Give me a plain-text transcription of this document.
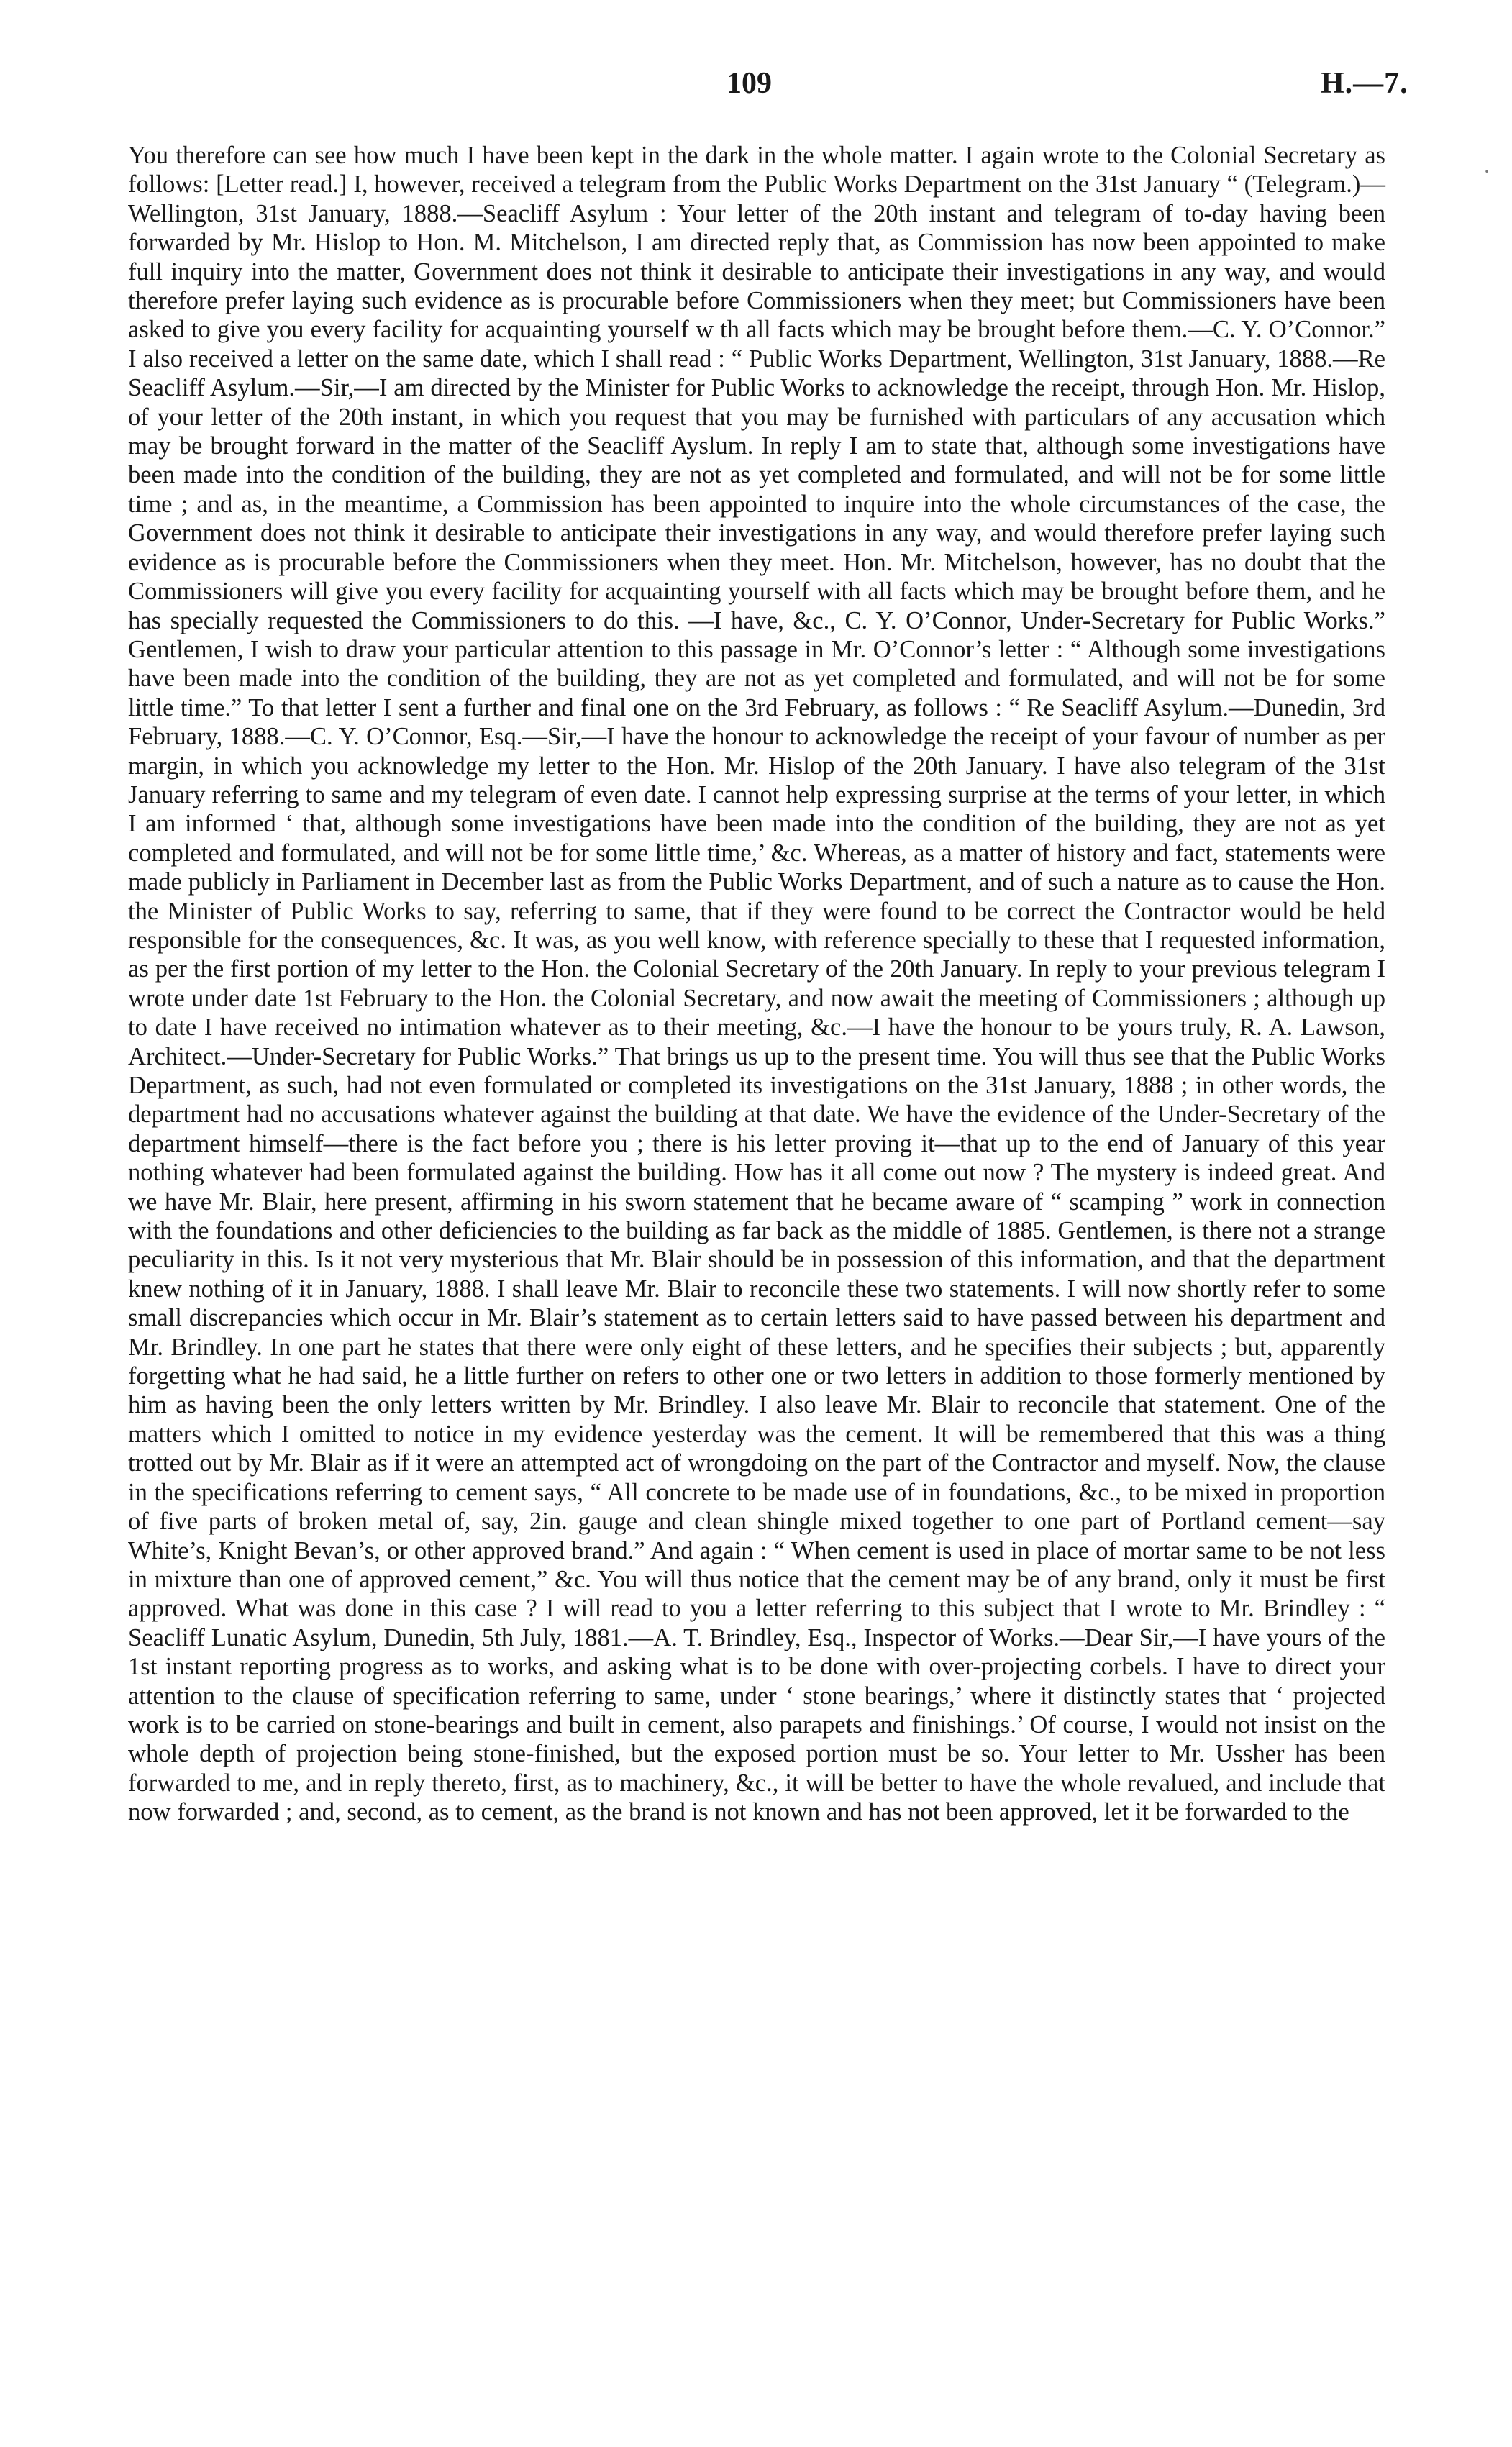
109	H.—7.
·

You therefore can see how much I have been kept in the dark in the whole matter. I again wrote to the Colonial Secretary as follows: [Letter read.] I, however, received a telegram from the Public Works Department on the 31st January “ (Telegram.)—Wellington, 31st January, 1888.—Seacliff Asylum : Your letter of the 20th instant and telegram of to-day having been forwarded by Mr. Hislop to Hon. M. Mitchelson, I am directed reply that, as Commission has now been appointed to make full inquiry into the matter, Government does not think it desirable to anticipate their investigations in any way, and would therefore prefer laying such evidence as is procurable before Commissioners when they meet; but Commissioners have been asked to give you every facility for acquainting yourself w th all facts which may be brought before them.—C. Y. O’Connor.” I also received a letter on the same date, which I shall read : “ Public Works Department, Wellington, 31st January, 1888.—Re Seacliff Asylum.—Sir,—I am directed by the Minister for Public Works to acknowledge the receipt, through Hon. Mr. Hislop, of your letter of the 20th instant, in which you request that you may be furnished with particulars of any accusation which may be brought forward in the matter of the Seacliff Ayslum. In reply I am to state that, although some investigations have been made into the condition of the building, they are not as yet completed and formulated, and will not be for some little time ; and as, in the meantime, a Commission has been appointed to inquire into the whole circumstances of the case, the Government does not think it desirable to anticipate their investigations in any way, and would therefore prefer laying such evidence as is procurable before the Commissioners when they meet. Hon. Mr. Mitchelson, however, has no doubt that the Commissioners will give you every facility for acquainting yourself with all facts which may be brought before them, and he has specially requested the Commissioners to do this. —I have, &c., C. Y. O’Connor, Under-Secretary for Public Works.” Gentlemen, I wish to draw your particular attention to this passage in Mr. O’Connor’s letter : “ Although some investigations have been made into the condition of the building, they are not as yet completed and formulated, and will not be for some little time.” To that letter I sent a further and final one on the 3rd February, as follows : “ Re Seacliff Asylum.—Dunedin, 3rd February, 1888.—C. Y. O’Connor, Esq.—Sir,—I have the honour to acknowledge the receipt of your favour of number as per margin, in which you acknowledge my letter to the Hon. Mr. Hislop of the 20th January. I have also telegram of the 31st January referring to same and my telegram of even date. I cannot help expressing surprise at the terms of your letter, in which I am informed ‘ that, although some investigations have been made into the condition of the building, they are not as yet completed and formulated, and will not be for some little time,’ &c. Whereas, as a matter of history and fact, statements were made publicly in Parliament in December last as from the Public Works Department, and of such a nature as to cause the Hon. the Minister of Public Works to say, referring to same, that if they were found to be correct the Contractor would be held responsible for the consequences, &c. It was, as you well know, with reference specially to these that I requested information, as per the first portion of my letter to the Hon. the Colonial Secretary of the 20th January. In reply to your previous telegram I wrote under date 1st February to the Hon. the Colonial Secretary, and now await the meeting of Commissioners ; although up to date I have received no intimation whatever as to their meeting, &c.—I have the honour to be yours truly, R. A. Lawson, Architect.—Under-Secretary for Public Works.” That brings us up to the present time. You will thus see that the Public Works Department, as such, had not even formulated or completed its investigations on the 31st January, 1888 ; in other words, the department had no accusations whatever against the building at that date. We have the evidence of the Under-Secretary of the department himself—there is the fact before you ; there is his letter proving it—that up to the end of January of this year nothing whatever had been formulated against the building. How has it all come out now ? The mystery is indeed great. And we have Mr. Blair, here present, affirming in his sworn statement that he became aware of “ scamping ” work in connection with the foundations and other deficiencies to the building as far back as the middle of 1885. Gentlemen, is there not a strange peculiarity in this. Is it not very mysterious that Mr. Blair should be in possession of this information, and that the department knew nothing of it in January, 1888. I shall leave Mr. Blair to reconcile these two statements. I will now shortly refer to some small discrepancies which occur in Mr. Blair’s statement as to certain letters said to have passed between his department and Mr. Brindley. In one part he states that there were only eight of these letters, and he specifies their subjects ; but, apparently forgetting what he had said, he a little further on refers to other one or two letters in addition to those formerly mentioned by him as having been the only letters written by Mr. Brindley. I also leave Mr. Blair to reconcile that statement. One of the matters which I omitted to notice in my evidence yesterday was the cement. It will be remembered that this was a thing trotted out by Mr. Blair as if it were an attempted act of wrongdoing on the part of the Contractor and myself. Now, the clause in the specifications referring to cement says, “ All concrete to be made use of in foundations, &c., to be mixed in proportion of five parts of broken metal of, say, 2in. gauge and clean shingle mixed together to one part of Portland cement—say White’s, Knight Bevan’s, or other approved brand.” And again : “ When cement is used in place of mortar same to be not less in mixture than one of approved cement,” &c. You will thus notice that the cement may be of any brand, only it must be first approved. What was done in this case ? I will read to you a letter referring to this subject that I wrote to Mr. Brindley : “ Seacliff Lunatic Asylum, Dunedin, 5th July, 1881.—A. T. Brindley, Esq., Inspector of Works.—Dear Sir,—I have yours of the 1st instant reporting progress as to works, and asking what is to be done with over-projecting corbels. I have to direct your attention to the clause of specification referring to same, under ‘ stone bearings,’ where it distinctly states that ‘ projected work is to be carried on stone-bearings and built in cement, also parapets and finishings.’ Of course, I would not insist on the whole depth of projection being stone-finished, but the exposed portion must be so. Your letter to Mr. Ussher has been forwarded to me, and in reply thereto, first, as to machinery, &c., it will be better to have the whole revalued, and include that now forwarded ; and, second, as to cement, as the brand is not known and has not been approved, let it be forwarded to the
